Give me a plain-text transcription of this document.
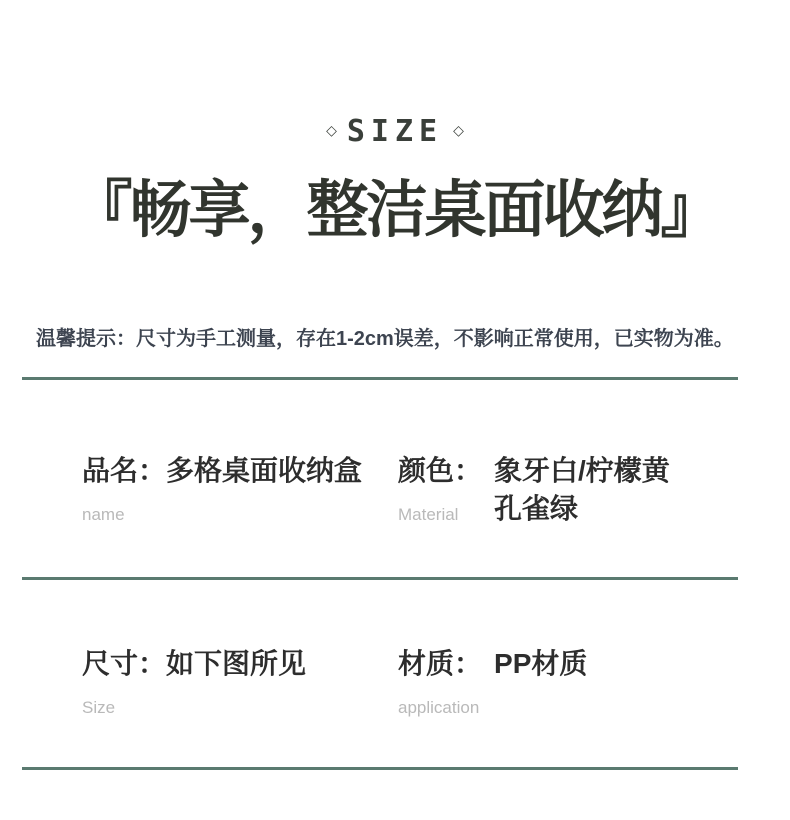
◇ SIZE ◇
『畅享，整洁桌面收纳』

温馨提示：尺寸为手工测量，存在1-2cm误差，不影响正常使用，已实物为准。

品名： 多格桌面收纳盒
name
颜色： 象牙白/柠檬黄
孔雀绿
Material
尺寸： 如下图所见
Size
材质： PP材质
application
